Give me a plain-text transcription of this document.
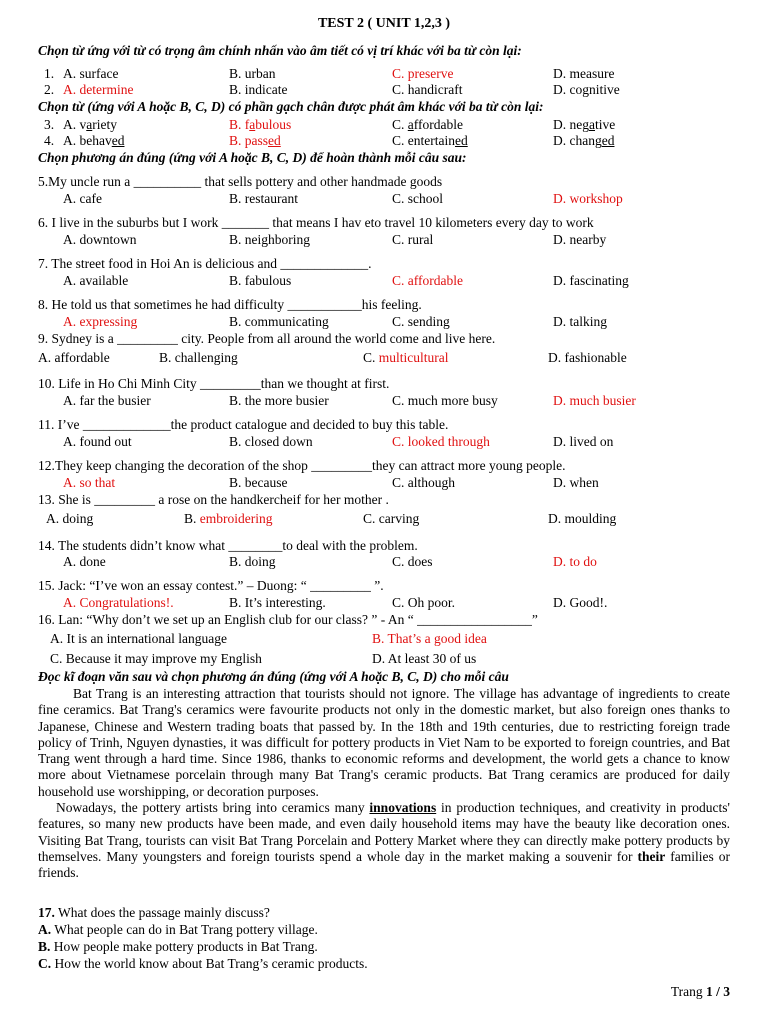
TEST 2 ( UNIT 1,2,3 )
Chọn từ ứng với từ có trọng âm chính nhấn vào âm tiết có vị trí khác với ba từ còn lại:
1. A. surface	B. urban	C. preserve	D. measure
2. A. determine	B. indicate	C. handicraft	D. cognitive
Chọn từ (ứng với A hoặc B, C, D) có phần gạch chân được phát âm khác với ba từ còn lại:
3. A. variety	B. fabulous	C. affordable	D. negative
4. A. behaved	B. passed	C. entertained	D. changed
Chọn phương án đúng (ứng với A hoặc B, C, D) để hoàn thành mỗi câu sau:
5.My uncle run a __________ that sells pottery and other handmade goods
A. cafe	B. restaurant	C. school	D. workshop
6. I live in the suburbs but I work _______ that means I hav eto travel 10 kilometers every day to work
A. downtown	B. neighboring	C. rural	D. nearby
7. The street food in Hoi An is delicious and _____________.
A. available	B. fabulous	C. affordable	D. fascinating
8. He told us that sometimes he had difficulty ___________his feeling.
A. expressing	B. communicating	C. sending	D. talking
9. Sydney is a _________ city. People from all around the world come and live here.
A. affordable	B. challenging	C. multicultural	D. fashionable
10. Life in Ho Chi Minh City _________than we thought at first.
A. far the busier	B. the more busier	C. much more busy	D. much busier
11. I’ve _____________the product catalogue and decided to buy this table.
A. found out	B. closed down	C. looked through	D. lived on
12.They keep changing the decoration of the shop _________they can attract more young people.
A. so that	B. because	C. although	D. when
13. She is _________ a rose on the handkercheif for her mother .
A. doing	B. embroidering	C. carving	D. moulding
14. The students didn’t know what ________to deal with the problem.
A. done	B. doing	C. does	D. to do
15. Jack: “I’ve won an essay contest.” – Duong: “ _________ ”.
A. Congratulations!.	B. It’s interesting.	C. Oh poor.	D. Good!.
16. Lan: “Why don’t we set up an English club for our class? ” - An “ _________________”
A. It is an international language	B. That’s a good idea
C. Because it may improve my English	D. At least 30 of us
Đọc kĩ đoạn văn sau và chọn phương án đúng (ứng với A hoặc B, C, D) cho mỗi câu

Bat Trang is an interesting attraction that tourists should not ignore. The village has advantage of ingredients to create fine ceramics. Bat Trang's ceramics were favourite products not only in the domestic market, but also foreign ones thanks to Japanese, Chinese and Western trading boats that passed by. In the 18th and 19th centuries, due to restricting foreign trade policy of Trinh, Nguyen dynasties, it was difficult for pottery products in Viet Nam to be exported to foreign countries, and Bat Trang went through a hard time. Since 1986, thanks to economic reforms and development, the world gets a chance to know more about Vietnamese porcelain through many Bat Trang's ceramic products. Bat Trang ceramics are produced for daily household use worshipping, or decoration purposes.

Nowadays, the pottery artists bring into ceramics many innovations in production techniques, and creativity in products' features, so many new products have been made, and even daily household items may have the beauty like decoration ones. Visiting Bat Trang, tourists can visit Bat Trang Porcelain and Pottery Market where they can directly make pottery products by themselves. Many youngsters and foreign tourists spend a whole day in the market making a souvenir for their families or friends.

17. What does the passage mainly discuss?
A. What people can do in Bat Trang pottery village.
B. How people make pottery products in Bat Trang.
C. How the world know about Bat Trang’s ceramic products.
Trang 1 / 3
